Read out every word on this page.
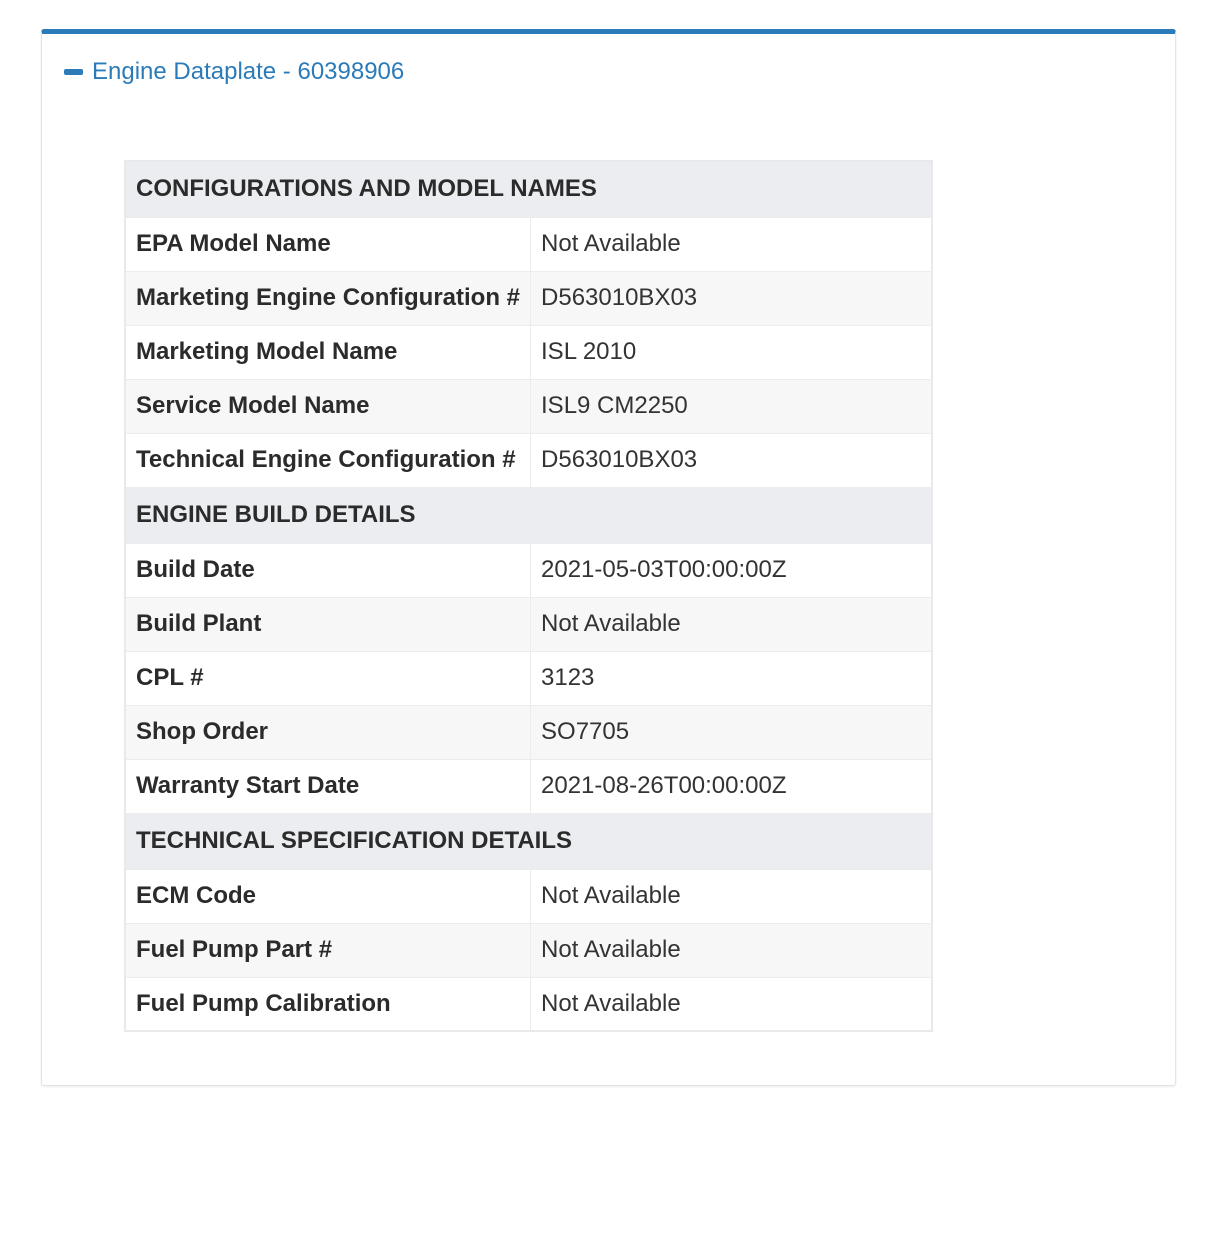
Engine Dataplate - 60398906
CONFIGURATIONS AND MODEL NAMES	
EPA Model Name	Not Available
Marketing Engine Configuration #	D563010BX03
Marketing Model Name	ISL 2010
Service Model Name	ISL9 CM2250
Technical Engine Configuration #	D563010BX03
ENGINE BUILD DETAILS	
Build Date	2021-05-03T00:00:00Z
Build Plant	Not Available
CPL #	3123
Shop Order	SO7705
Warranty Start Date	2021-08-26T00:00:00Z
TECHNICAL SPECIFICATION DETAILS	
ECM Code	Not Available
Fuel Pump Part #	Not Available
Fuel Pump Calibration	Not Available
